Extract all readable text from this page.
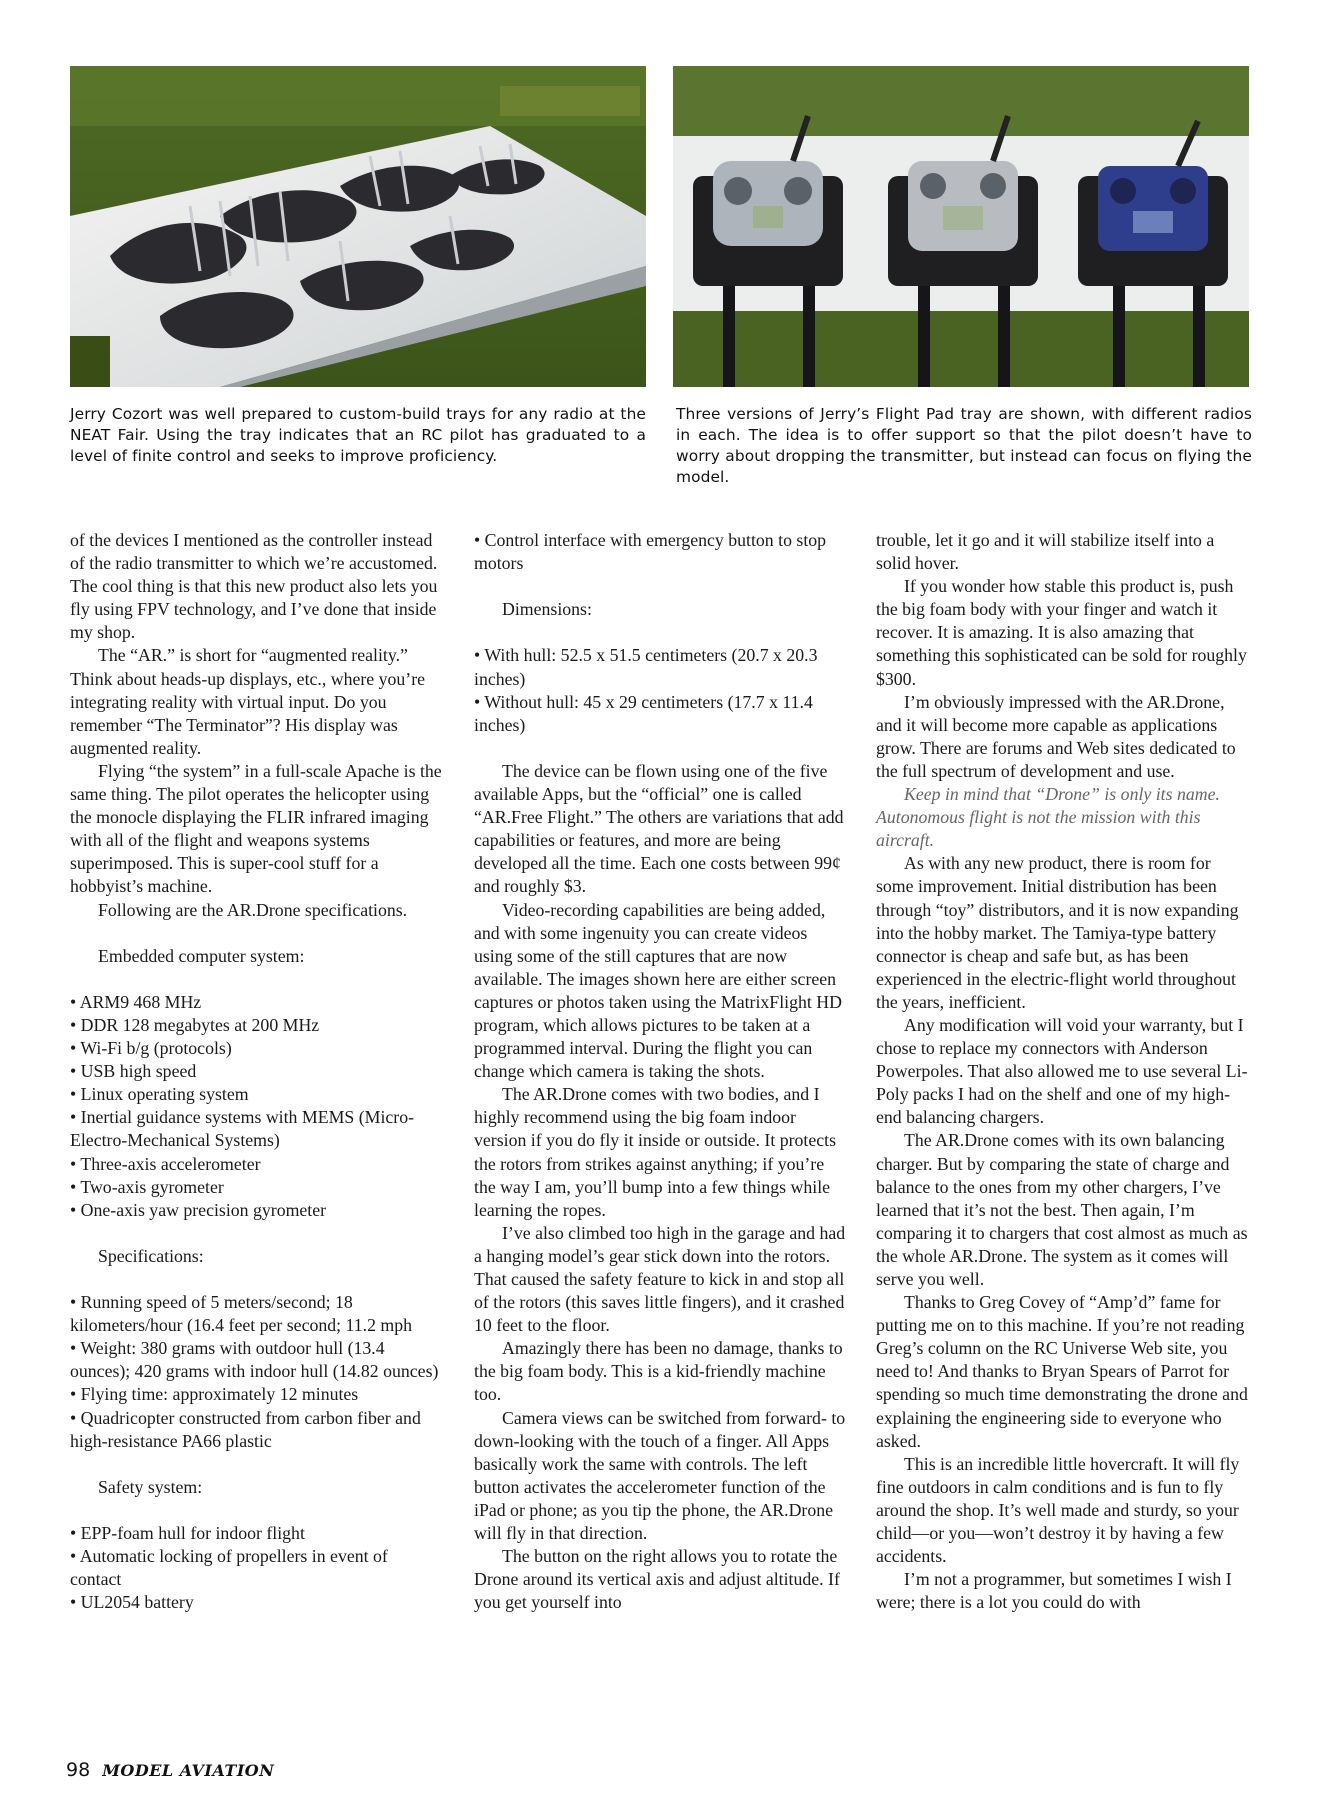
Jerry Cozort was well prepared to custom-build trays for any radio at the NEAT Fair. Using the tray indicates that an RC pilot has graduated to a level of finite control and seeks to improve proficiency.
Three versions of Jerry’s Flight Pad tray are shown, with different radios in each. The idea is to offer support so that the pilot doesn’t have to worry about dropping the transmitter, but instead can focus on flying the model.

of the devices I mentioned as the controller instead of the radio transmitter to which we’re accustomed. The cool thing is that this new product also lets you fly using FPV technology, and I’ve done that inside my shop.

The “AR.” is short for “augmented reality.” Think about heads-up displays, etc., where you’re integrating reality with virtual input. Do you remember “The Terminator”? His display was augmented reality.

Flying “the system” in a full-scale Apache is the same thing. The pilot operates the helicopter using the monocle displaying the FLIR infrared imaging with all of the flight and weapons systems superimposed. This is super-cool stuff for a hobbyist’s machine.

Following are the AR.Drone specifications.

Embedded computer system:

• ARM9 468 MHz

• DDR 128 megabytes at 200 MHz

• Wi-Fi b/g (protocols)

• USB high speed

• Linux operating system

• Inertial guidance systems with MEMS (Micro-Electro-Mechanical Systems)

• Three-axis accelerometer

• Two-axis gyrometer

• One-axis yaw precision gyrometer

Specifications:

• Running speed of 5 meters/second; 18 kilometers/hour (16.4 feet per second; 11.2 mph

• Weight: 380 grams with outdoor hull (13.4 ounces); 420 grams with indoor hull (14.82 ounces)

• Flying time: approximately 12 minutes

• Quadricopter constructed from carbon fiber and high-resistance PA66 plastic

Safety system:

• EPP-foam hull for indoor flight

• Automatic locking of propellers in event of contact

• UL2054 battery

• Control interface with emergency button to stop motors

Dimensions:

• With hull: 52.5 x 51.5 centimeters (20.7 x 20.3 inches)

• Without hull: 45 x 29 centimeters (17.7 x 11.4 inches)

The device can be flown using one of the five available Apps, but the “official” one is called “AR.Free Flight.” The others are variations that add capabilities or features, and more are being developed all the time. Each one costs between 99¢ and roughly $3.

Video-recording capabilities are being added, and with some ingenuity you can create videos using some of the still captures that are now available. The images shown here are either screen captures or photos taken using the MatrixFlight HD program, which allows pictures to be taken at a programmed interval. During the flight you can change which camera is taking the shots.

The AR.Drone comes with two bodies, and I highly recommend using the big foam indoor version if you do fly it inside or outside. It protects the rotors from strikes against anything; if you’re the way I am, you’ll bump into a few things while learning the ropes.

I’ve also climbed too high in the garage and had a hanging model’s gear stick down into the rotors. That caused the safety feature to kick in and stop all of the rotors (this saves little fingers), and it crashed 10 feet to the floor.

Amazingly there has been no damage, thanks to the big foam body. This is a kid-friendly machine too.

Camera views can be switched from forward- to down-looking with the touch of a finger. All Apps basically work the same with controls. The left button activates the accelerometer function of the iPad or phone; as you tip the phone, the AR.Drone will fly in that direction.

The button on the right allows you to rotate the Drone around its vertical axis and adjust altitude. If you get yourself into

trouble, let it go and it will stabilize itself into a solid hover.

If you wonder how stable this product is, push the big foam body with your finger and watch it recover. It is amazing. It is also amazing that something this sophisticated can be sold for roughly $300.

I’m obviously impressed with the AR.Drone, and it will become more capable as applications grow. There are forums and Web sites dedicated to the full spectrum of development and use.

Keep in mind that “Drone” is only its name. Autonomous flight is not the mission with this aircraft.

As with any new product, there is room for some improvement. Initial distribution has been through “toy” distributors, and it is now expanding into the hobby market. The Tamiya-type battery connector is cheap and safe but, as has been experienced in the electric-flight world throughout the years, inefficient.

Any modification will void your warranty, but I chose to replace my connectors with Anderson Powerpoles. That also allowed me to use several Li-Poly packs I had on the shelf and one of my high-end balancing chargers.

The AR.Drone comes with its own balancing charger. But by comparing the state of charge and balance to the ones from my other chargers, I’ve learned that it’s not the best. Then again, I’m comparing it to chargers that cost almost as much as the whole AR.Drone. The system as it comes will serve you well.

Thanks to Greg Covey of “Amp’d” fame for putting me on to this machine. If you’re not reading Greg’s column on the RC Universe Web site, you need to! And thanks to Bryan Spears of Parrot for spending so much time demonstrating the drone and explaining the engineering side to everyone who asked.

This is an incredible little hovercraft. It will fly fine outdoors in calm conditions and is fun to fly around the shop. It’s well made and sturdy, so your child—or you—won’t destroy it by having a few accidents.

I’m not a programmer, but sometimes I wish I were; there is a lot you could do with

98 MODEL AVIATION
